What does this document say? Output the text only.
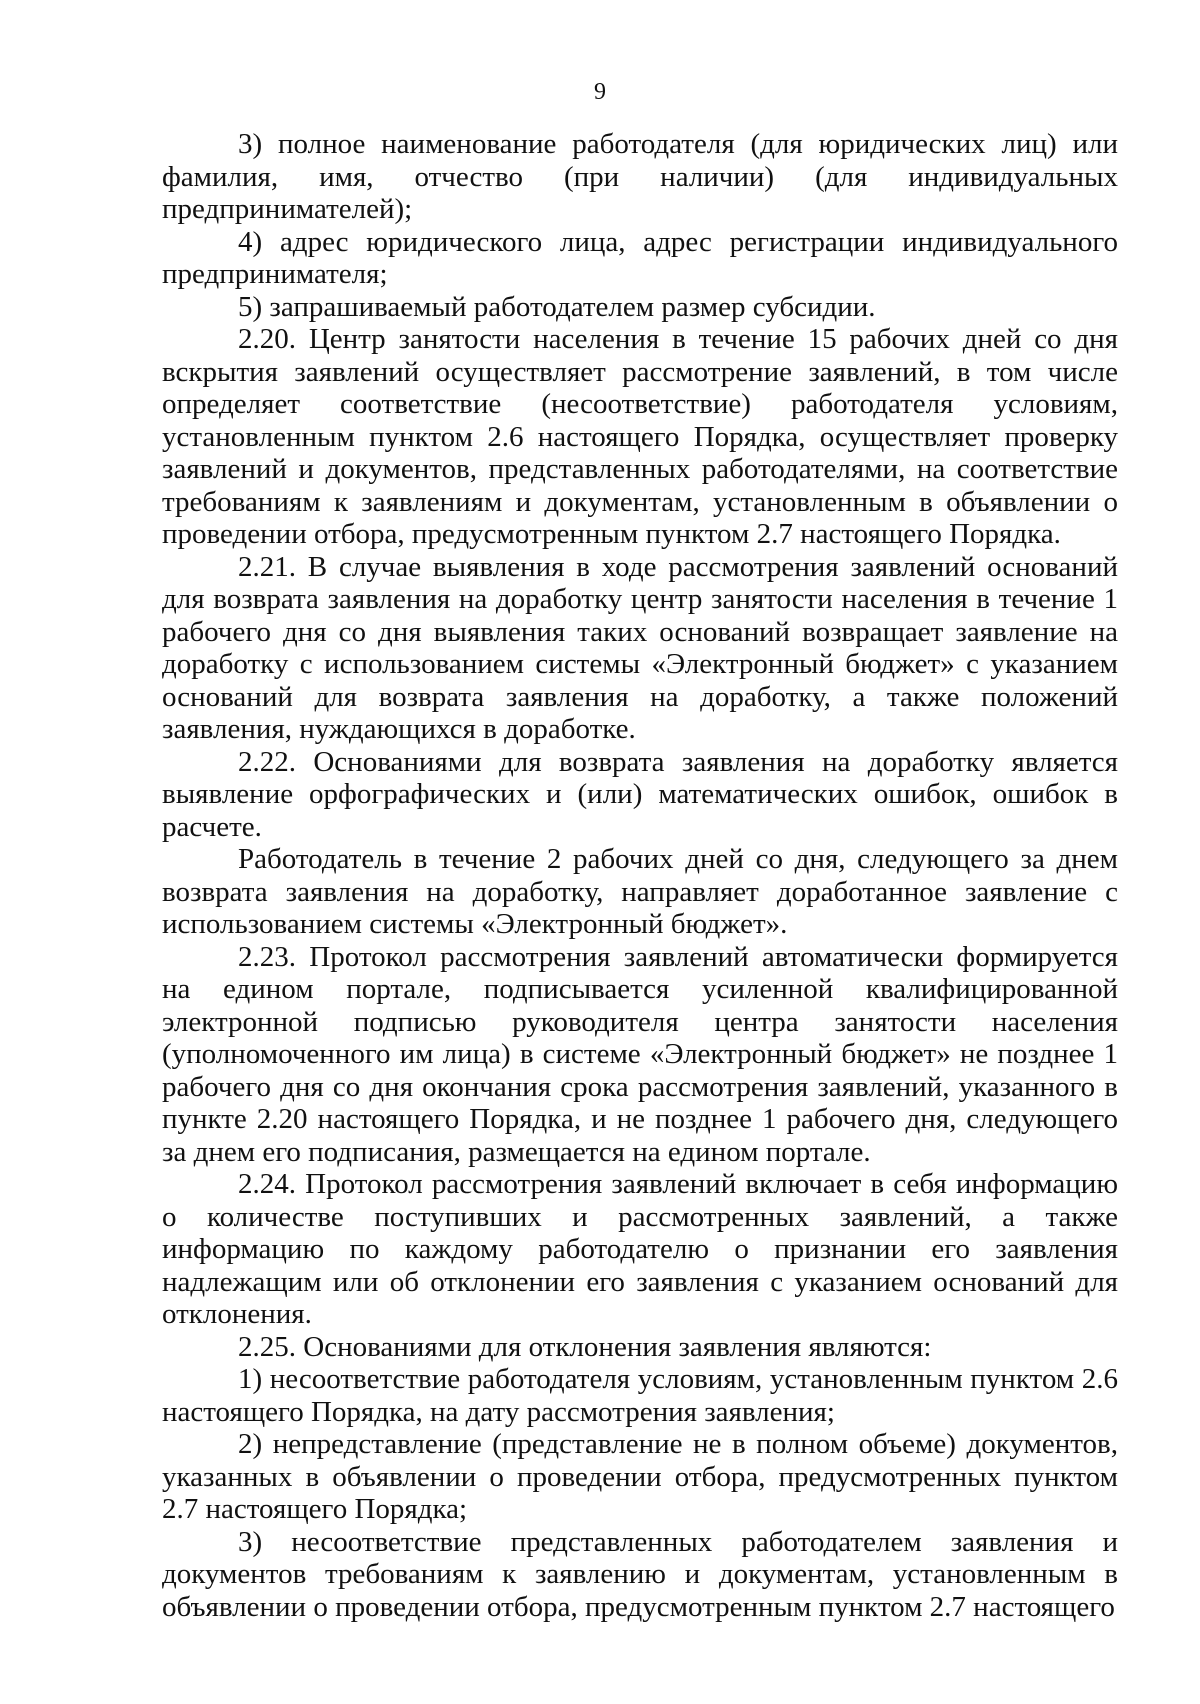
9

3) полное наименование работодателя (для юридических лиц) или фамилия, имя, отчество (при наличии) (для индивидуальных предпринимателей);

4) адрес юридического лица, адрес регистрации индивидуального предпринимателя;

5) запрашиваемый работодателем размер субсидии.

2.20. Центр занятости населения в течение 15 рабочих дней со дня вскрытия заявлений осуществляет рассмотрение заявлений, в том числе определяет соответствие (несоответствие) работодателя условиям, установленным пунктом 2.6 настоящего Порядка, осуществляет проверку заявлений и документов, представленных работодателями, на соответствие требованиям к заявлениям и документам, установленным в объявлении о проведении отбора, предусмотренным пунктом 2.7 настоящего Порядка.

2.21. В случае выявления в ходе рассмотрения заявлений оснований для возврата заявления на доработку центр занятости населения в течение 1 рабочего дня со дня выявления таких оснований возвращает заявление на доработку с использованием системы «Электронный бюджет» с указанием оснований для возврата заявления на доработку, а также положений заявления, нуждающихся в доработке.

2.22. Основаниями для возврата заявления на доработку является выявление орфографических и (или) математических ошибок, ошибок в расчете.

Работодатель в течение 2 рабочих дней со дня, следующего за днем возврата заявления на доработку, направляет доработанное заявление с использованием системы «Электронный бюджет».

2.23. Протокол рассмотрения заявлений автоматически формируется на едином портале, подписывается усиленной квалифицированной электронной подписью руководителя центра занятости населения (уполномоченного им лица) в системе «Электронный бюджет» не позднее 1 рабочего дня со дня окончания срока рассмотрения заявлений, указанного в пункте 2.20 настоящего Порядка, и не позднее 1 рабочего дня, следующего за днем его подписания, размещается на едином портале.

2.24. Протокол рассмотрения заявлений включает в себя информацию о количестве поступивших и рассмотренных заявлений, а также информацию по каждому работодателю о признании его заявления надлежащим или об отклонении его заявления с указанием оснований для отклонения.

2.25. Основаниями для отклонения заявления являются:

1) несоответствие работодателя условиям, установленным пунктом 2.6 настоящего Порядка, на дату рассмотрения заявления;

2) непредставление (представление не в полном объеме) документов, указанных в объявлении о проведении отбора, предусмотренных пунктом 2.7 настоящего Порядка;

3) несоответствие представленных работодателем заявления и документов требованиям к заявлению и документам, установленным в объявлении о проведении отбора, предусмотренным пунктом 2.7 настоящего
